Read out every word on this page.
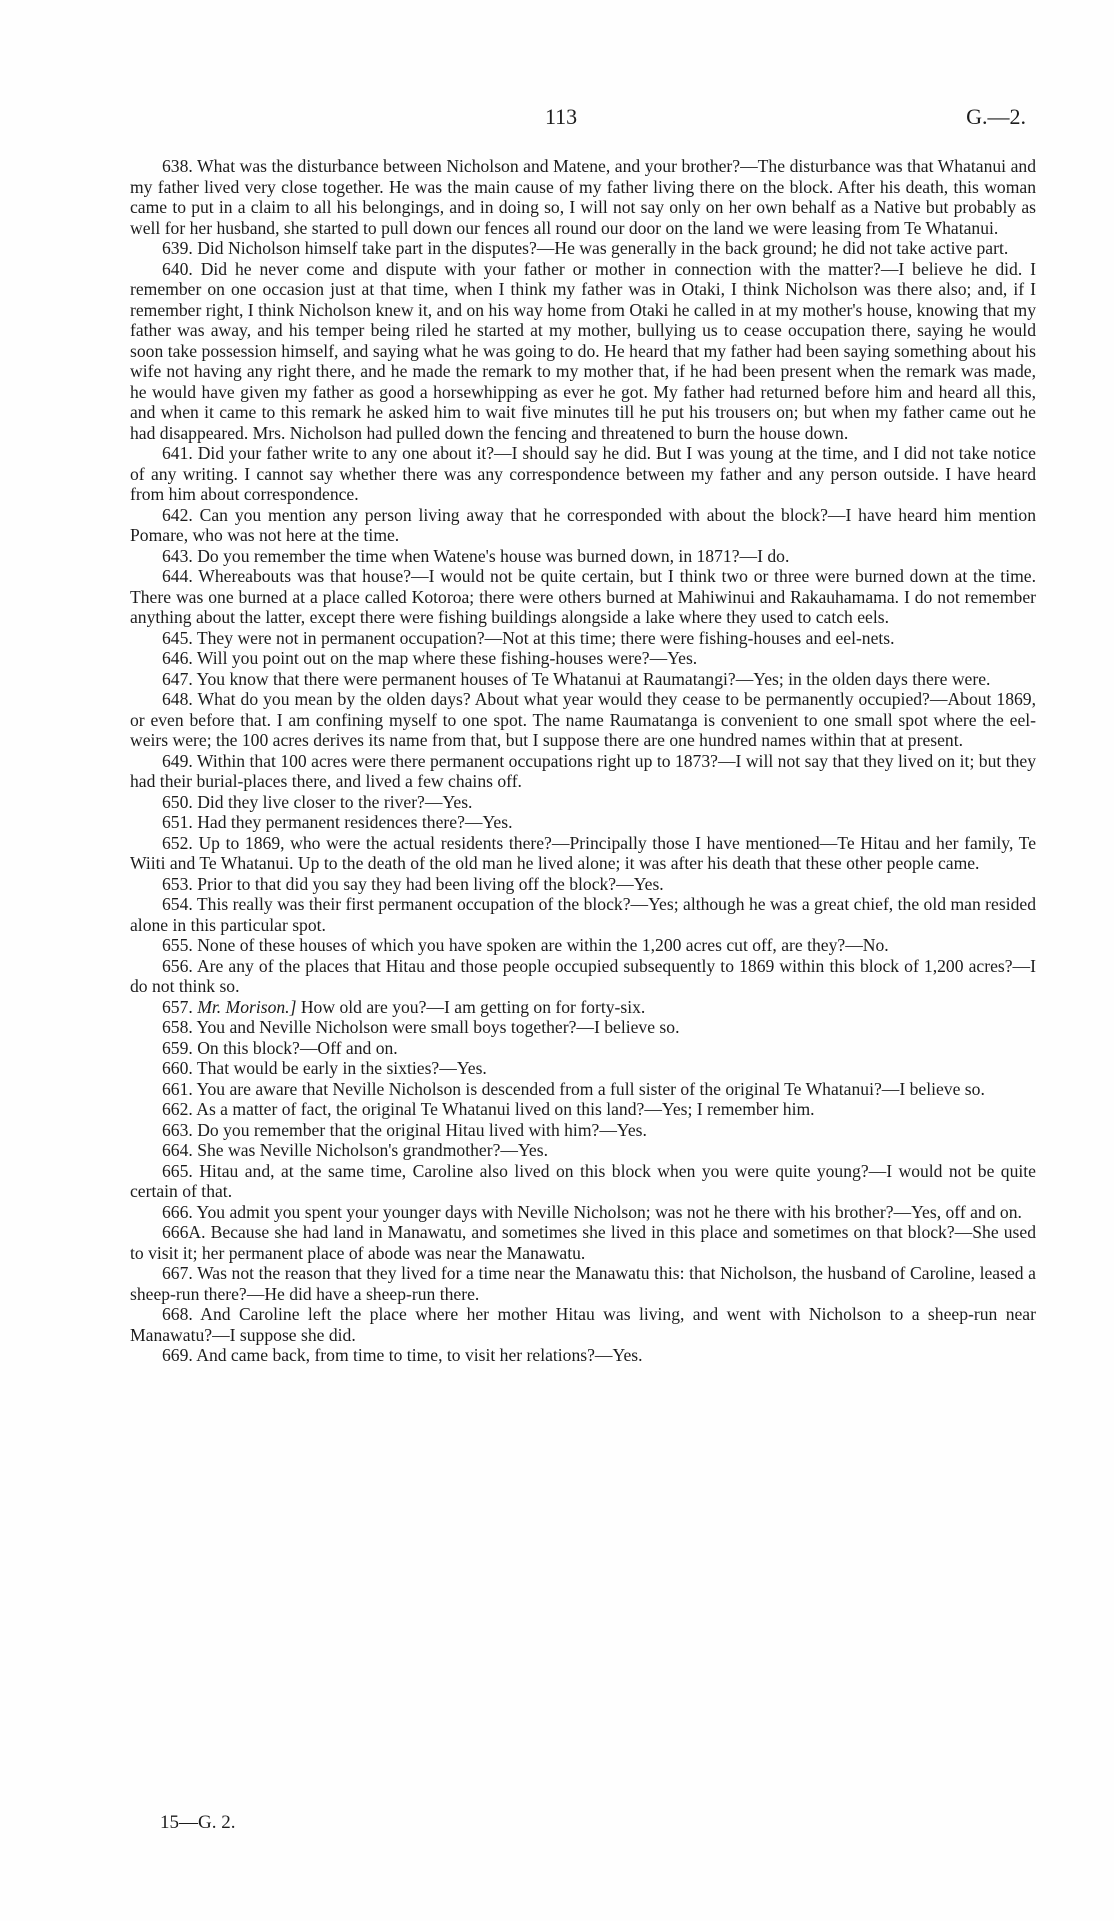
113	G.—2.

638. What was the disturbance between Nicholson and Matene, and your brother?—The disturbance was that Whatanui and my father lived very close together. He was the main cause of my father living there on the block. After his death, this woman came to put in a claim to all his belongings, and in doing so, I will not say only on her own behalf as a Native but probably as well for her husband, she started to pull down our fences all round our door on the land we were leasing from Te Whatanui.

639. Did Nicholson himself take part in the disputes?—He was generally in the back ground; he did not take active part.

640. Did he never come and dispute with your father or mother in connection with the matter?—I believe he did. I remember on one occasion just at that time, when I think my father was in Otaki, I think Nicholson was there also; and, if I remember right, I think Nicholson knew it, and on his way home from Otaki he called in at my mother's house, knowing that my father was away, and his temper being riled he started at my mother, bullying us to cease occupation there, saying he would soon take possession himself, and saying what he was going to do. He heard that my father had been saying something about his wife not having any right there, and he made the remark to my mother that, if he had been present when the remark was made, he would have given my father as good a horsewhipping as ever he got. My father had returned before him and heard all this, and when it came to this remark he asked him to wait five minutes till he put his trousers on; but when my father came out he had disappeared. Mrs. Nicholson had pulled down the fencing and threatened to burn the house down.

641. Did your father write to any one about it?—I should say he did. But I was young at the time, and I did not take notice of any writing. I cannot say whether there was any correspondence between my father and any person outside. I have heard from him about correspondence.

642. Can you mention any person living away that he corresponded with about the block?—I have heard him mention Pomare, who was not here at the time.

643. Do you remember the time when Watene's house was burned down, in 1871?—I do.

644. Whereabouts was that house?—I would not be quite certain, but I think two or three were burned down at the time. There was one burned at a place called Kotoroa; there were others burned at Mahiwinui and Rakauhamama. I do not remember anything about the latter, except there were fishing buildings alongside a lake where they used to catch eels.

645. They were not in permanent occupation?—Not at this time; there were fishing-houses and eel-nets.

646. Will you point out on the map where these fishing-houses were?—Yes.

647. You know that there were permanent houses of Te Whatanui at Raumatangi?—Yes; in the olden days there were.

648. What do you mean by the olden days? About what year would they cease to be permanently occupied?—About 1869, or even before that. I am confining myself to one spot. The name Raumatanga is convenient to one small spot where the eel-weirs were; the 100 acres derives its name from that, but I suppose there are one hundred names within that at present.

649. Within that 100 acres were there permanent occupations right up to 1873?—I will not say that they lived on it; but they had their burial-places there, and lived a few chains off.

650. Did they live closer to the river?—Yes.

651. Had they permanent residences there?—Yes.

652. Up to 1869, who were the actual residents there?—Principally those I have mentioned—Te Hitau and her family, Te Wiiti and Te Whatanui. Up to the death of the old man he lived alone; it was after his death that these other people came.

653. Prior to that did you say they had been living off the block?—Yes.

654. This really was their first permanent occupation of the block?—Yes; although he was a great chief, the old man resided alone in this particular spot.

655. None of these houses of which you have spoken are within the 1,200 acres cut off, are they?—No.

656. Are any of the places that Hitau and those people occupied subsequently to 1869 within this block of 1,200 acres?—I do not think so.

657. Mr. Morison.] How old are you?—I am getting on for forty-six.

658. You and Neville Nicholson were small boys together?—I believe so.

659. On this block?—Off and on.

660. That would be early in the sixties?—Yes.

661. You are aware that Neville Nicholson is descended from a full sister of the original Te Whatanui?—I believe so.

662. As a matter of fact, the original Te Whatanui lived on this land?—Yes; I remember him.

663. Do you remember that the original Hitau lived with him?—Yes.

664. She was Neville Nicholson's grandmother?—Yes.

665. Hitau and, at the same time, Caroline also lived on this block when you were quite young?—I would not be quite certain of that.

666. You admit you spent your younger days with Neville Nicholson; was not he there with his brother?—Yes, off and on.

666A. Because she had land in Manawatu, and sometimes she lived in this place and sometimes on that block?—She used to visit it; her permanent place of abode was near the Manawatu.

667. Was not the reason that they lived for a time near the Manawatu this: that Nicholson, the husband of Caroline, leased a sheep-run there?—He did have a sheep-run there.

668. And Caroline left the place where her mother Hitau was living, and went with Nicholson to a sheep-run near Manawatu?—I suppose she did.

669. And came back, from time to time, to visit her relations?—Yes.

15—G. 2.
